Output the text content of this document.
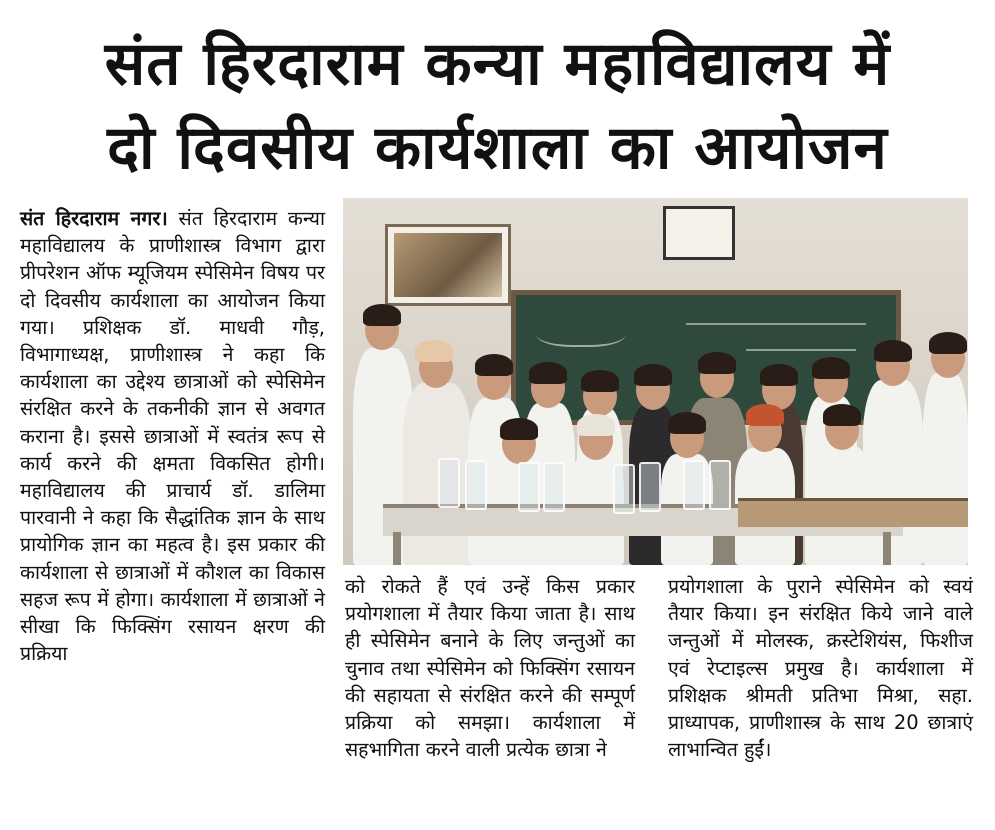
संत हिरदाराम कन्या महाविद्यालय में
दो दिवसीय कार्यशाला का आयोजन

संत हिरदाराम नगर। संत हिरदाराम कन्या महाविद्यालय के प्राणीशास्त्र विभाग द्वारा प्रीपरेशन ऑफ म्यूजियम स्पेसिमेन विषय पर दो दिवसीय कार्यशाला का आयोजन किया गया। प्रशिक्षक डॉ. माधवी गौड़, विभागाध्यक्ष, प्राणीशास्त्र ने कहा कि कार्यशाला का उद्देश्य छात्राओं को स्पेसिमेन संरक्षित करने के तकनीकी ज्ञान से अवगत कराना है। इससे छात्राओं में स्वतंत्र रूप से कार्य करने की क्षमता विकसित होगी। महाविद्यालय की प्राचार्य डॉ. डालिमा पारवानी ने कहा कि सैद्धांतिक ज्ञान के साथ प्रायोगिक ज्ञान का महत्व है। इस प्रकार की कार्यशाला से छात्राओं में कौशल का विकास सहज रूप में होगा। कार्यशाला में छात्राओं ने सीखा कि फिक्सिंग रसायन क्षरण की प्रक्रिया

को रोकते हैं एवं उन्हें किस प्रकार प्रयोगशाला में तैयार किया जाता है। साथ ही स्पेसिमेन बनाने के लिए जन्तुओं का चुनाव तथा स्पेसिमेन को फिक्सिंग रसायन की सहायता से संरक्षित करने की सम्पूर्ण प्रक्रिया को समझा। कार्यशाला में सहभागिता करने वाली प्रत्येक छात्रा ने

प्रयोगशाला के पुराने स्पेसिमेन को स्वयं तैयार किया। इन संरक्षित किये जाने वाले जन्तुओं में मोलस्क, क्रस्टेशियंस, फिशीज एवं रेप्टाइल्स प्रमुख है। कार्यशाला में प्रशिक्षक श्रीमती प्रतिभा मिश्रा, सहा. प्राध्यापक, प्राणीशास्त्र के साथ 20 छात्राएं लाभान्वित हुईं।
